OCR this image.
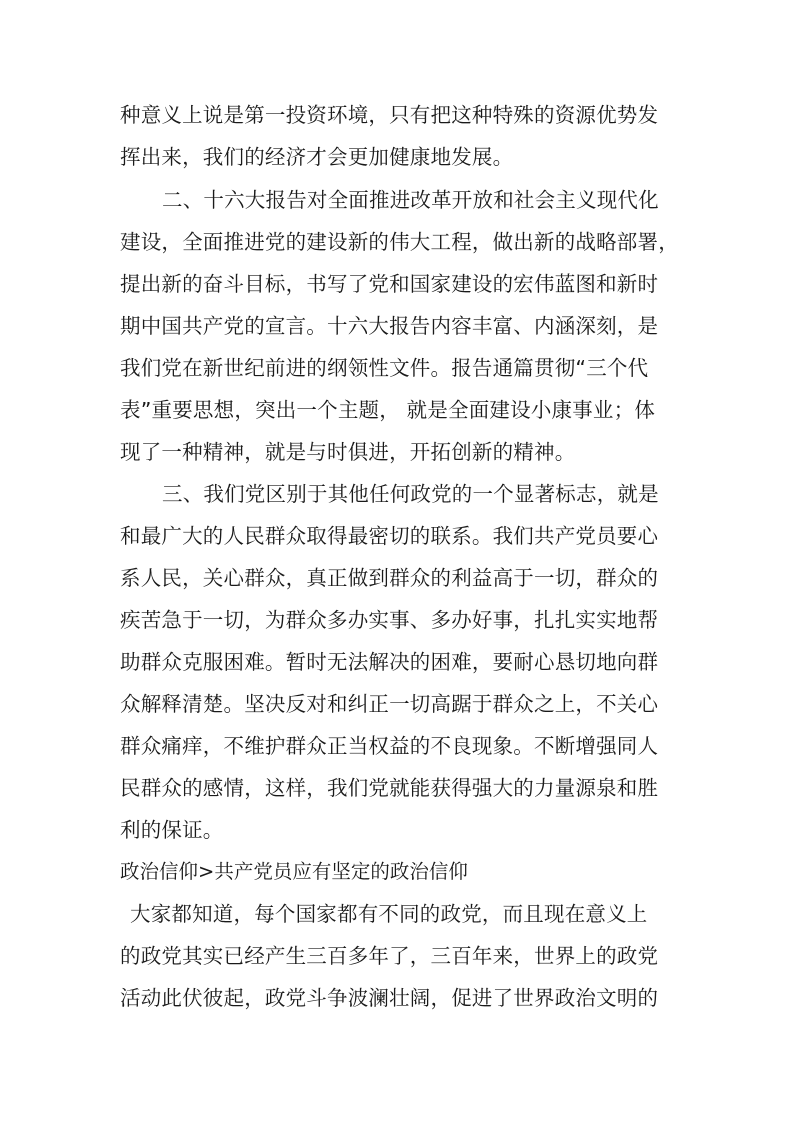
种意义上说是第一投资环境，只有把这种特殊的资源优势发
挥出来，我们的经济才会更加健康地发展。
二、十六大报告对全面推进改革开放和社会主义现代化
建设，全面推进党的建设新的伟大工程，做出新的战略部署，
提出新的奋斗目标，书写了党和国家建设的宏伟蓝图和新时
期中国共产党的宣言。十六大报告内容丰富、内涵深刻，是
我们党在新世纪前进的纲领性文件。报告通篇贯彻“三个代
表”重要思想，突出一个主题， 就是全面建设小康事业；体
现了一种精神，就是与时俱进，开拓创新的精神。
三、我们党区别于其他任何政党的一个显著标志，就是
和最广大的人民群众取得最密切的联系。我们共产党员要心
系人民，关心群众，真正做到群众的利益高于一切，群众的
疾苦急于一切，为群众多办实事、多办好事，扎扎实实地帮
助群众克服困难。暂时无法解决的困难，要耐心恳切地向群
众解释清楚。坚决反对和纠正一切高踞于群众之上，不关心
群众痛痒，不维护群众正当权益的不良现象。不断增强同人
民群众的感情，这样，我们党就能获得强大的力量源泉和胜
利的保证。
政治信仰>共产党员应有坚定的政治信仰
大家都知道，每个国家都有不同的政党，而且现在意义上
的政党其实已经产生三百多年了，三百年来，世界上的政党
活动此伏彼起，政党斗争波澜壮阔，促进了世界政治文明的
